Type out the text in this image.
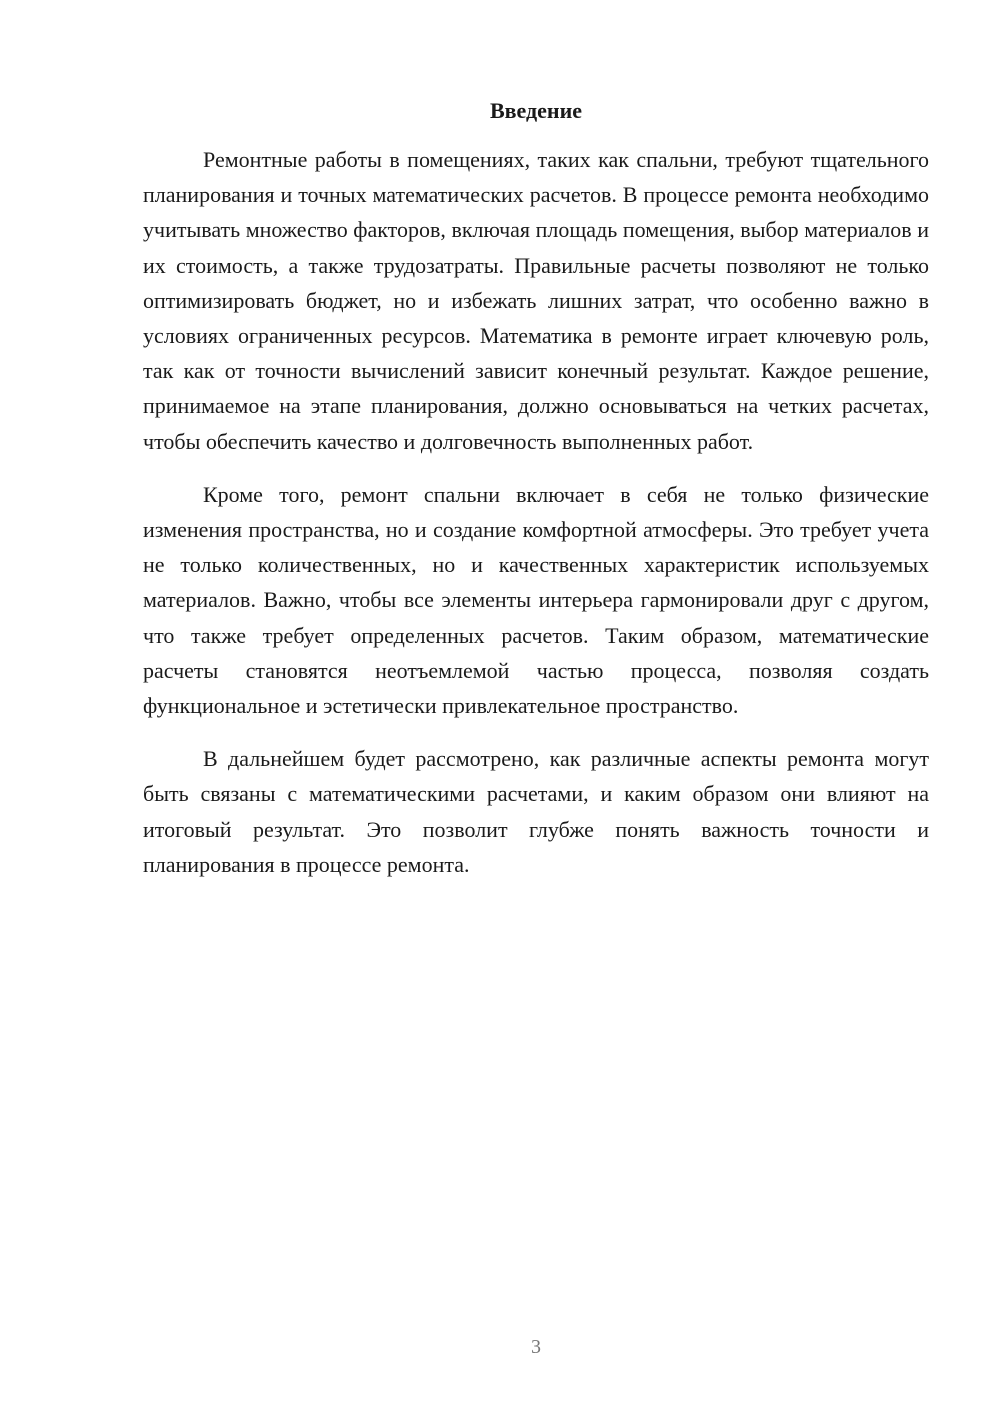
Введение

Ремонтные работы в помещениях, таких как спальни, требуют тщательного планирования и точных математических расчетов. В процессе ремонта необходимо учитывать множество факторов, включая площадь помещения, выбор материалов и их стоимость, а также трудозатраты. Правильные расчеты позволяют не только оптимизировать бюджет, но и избежать лишних затрат, что особенно важно в условиях ограниченных ресурсов. Математика в ремонте играет ключевую роль, так как от точности вычислений зависит конечный результат. Каждое решение, принимаемое на этапе планирования, должно основываться на четких расчетах, чтобы обеспечить качество и долговечность выполненных работ.

Кроме того, ремонт спальни включает в себя не только физические изменения пространства, но и создание комфортной атмосферы. Это требует учета не только количественных, но и качественных характеристик используемых материалов. Важно, чтобы все элементы интерьера гармонировали друг с другом, что также требует определенных расчетов. Таким образом, математические расчеты становятся неотъемлемой частью процесса, позволяя создать функциональное и эстетически привлекательное пространство.

В дальнейшем будет рассмотрено, как различные аспекты ремонта могут быть связаны с математическими расчетами, и каким образом они влияют на итоговый результат. Это позволит глубже понять важность точности и планирования в процессе ремонта.

3
